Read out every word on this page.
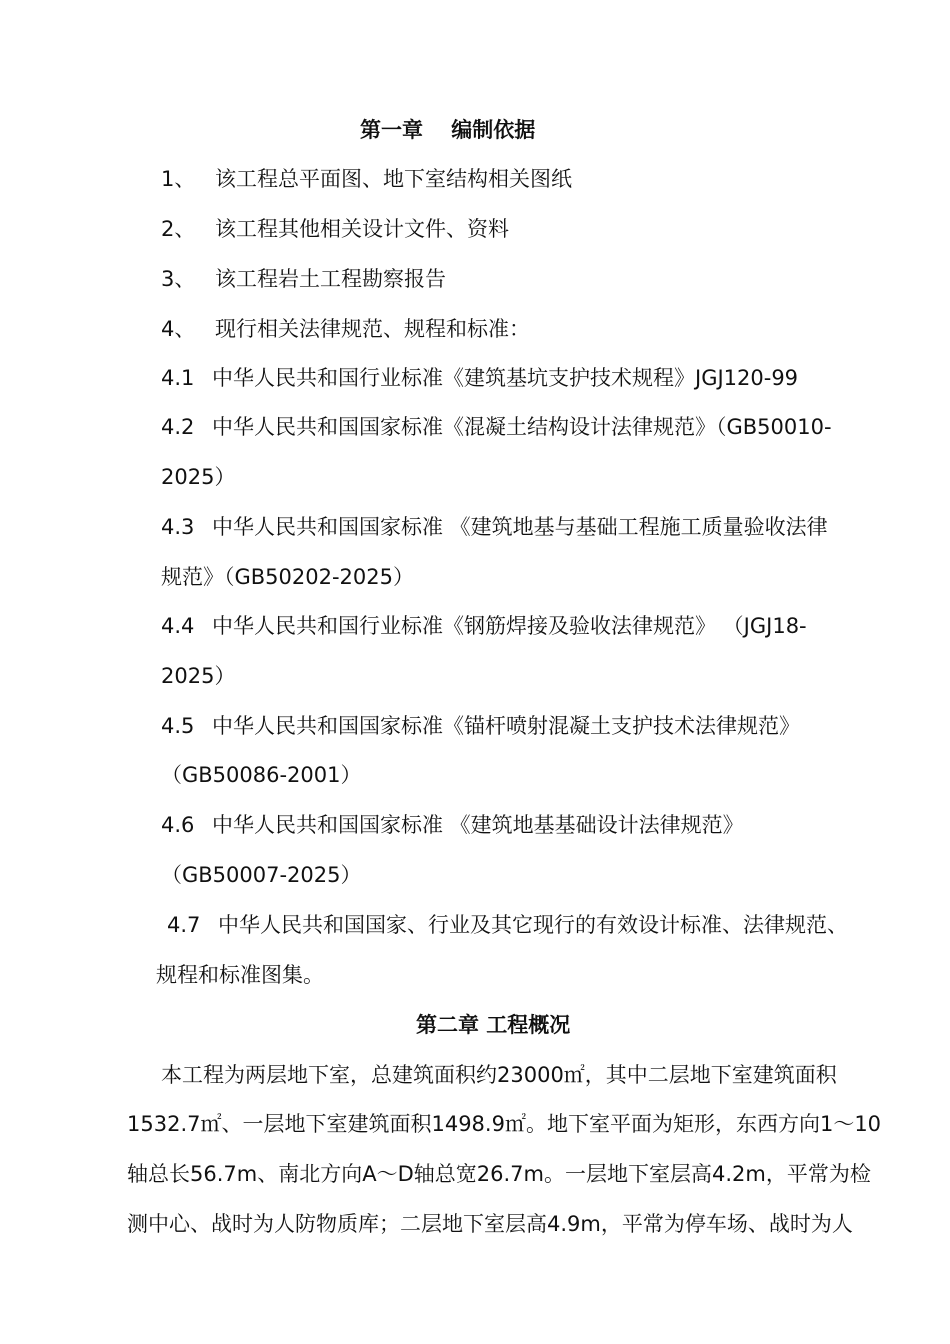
第一章　 编制依据
1、 该工程总平面图、地下室结构相关图纸
2、 该工程其他相关设计文件、资料
3、 该工程岩土工程勘察报告
4、 现行相关法律规范、规程和标准：
4.1 中华人民共和国行业标准《建筑基坑支护技术规程》JGJ120-99
4.2 中华人民共和国国家标准《混凝土结构设计法律规范》（GB50010-
2025）
4.3 中华人民共和国国家标准 《建筑地基与基础工程施工质量验收法律
规范》（GB50202-2025）
4.4 中华人民共和国行业标准《钢筋焊接及验收法律规范》 （JGJ18-
2025）
4.5 中华人民共和国国家标准《锚杆喷射混凝土支护技术法律规范》
（GB50086-2001）
4.6 中华人民共和国国家标准 《建筑地基基础设计法律规范》
（GB50007-2025）
4.7 中华人民共和国国家、行业及其它现行的有效设计标准、法律规范、
规程和标准图集。
第二章 工程概况
本工程为两层地下室，总建筑面积约23000㎡，其中二层地下室建筑面积
1532.7㎡、一层地下室建筑面积1498.9㎡。地下室平面为矩形，东西方向1～10
轴总长56.7m、南北方向A～D轴总宽26.7m。一层地下室层高4.2m，平常为检
测中心、战时为人防物质库；二层地下室层高4.9m，平常为停车场、战时为人
